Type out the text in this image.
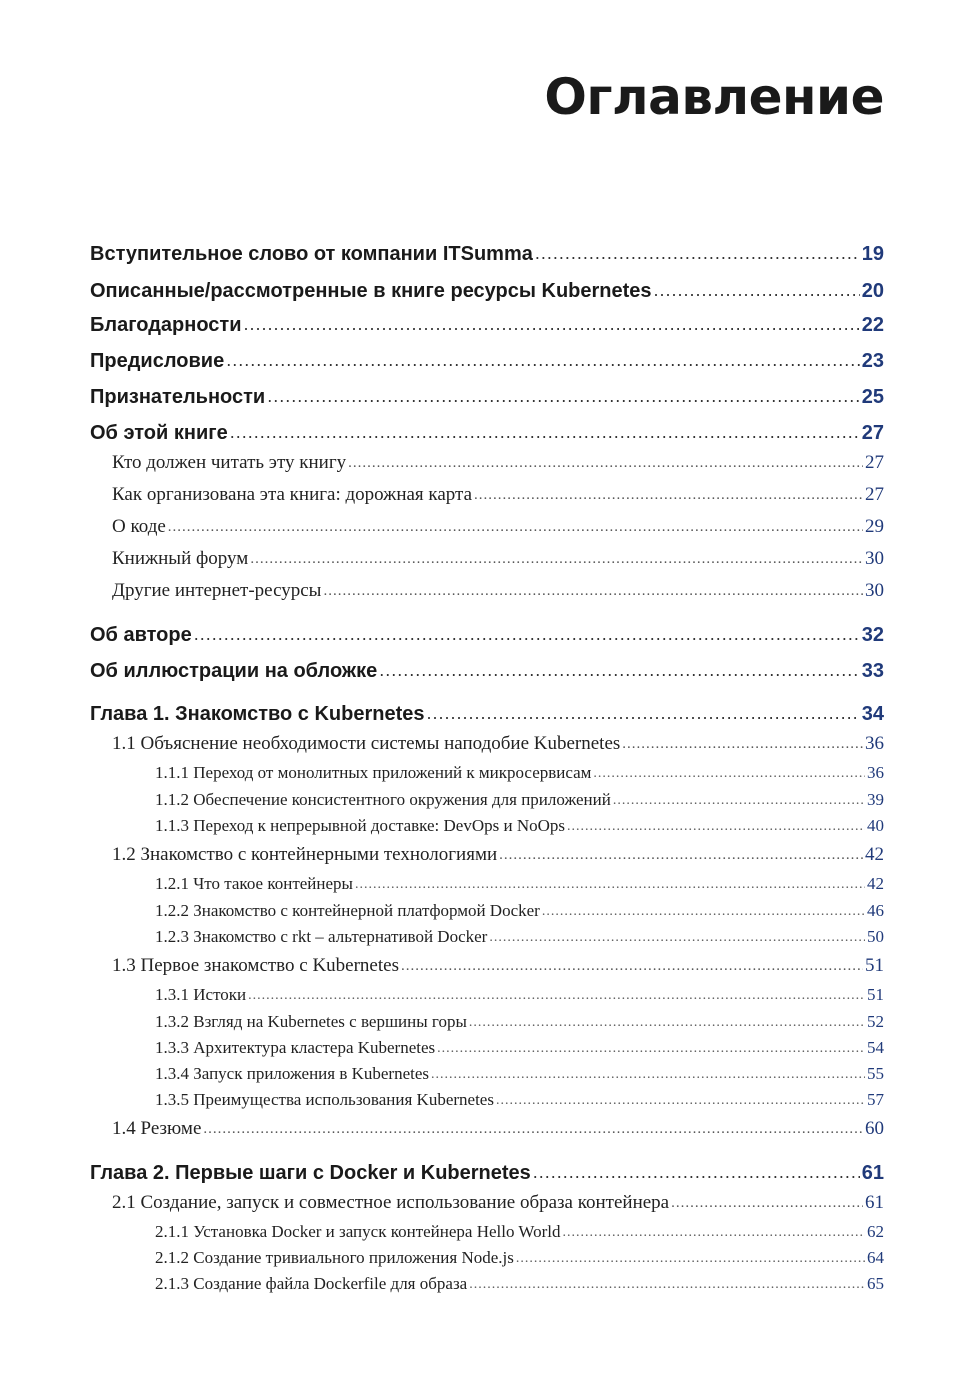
Оглавление
Вступительное слово от компании ITSumma .....	19
Описанные/рассмотренные в книге ресурсы Kubernetes .....	20
Благодарности .....	22
Предисловие .....	23
Признательности .....	25
Об этой книге .....	27
Кто должен читать эту книгу .....	27
Как организована эта книга: дорожная карта .....	27
О коде .....	29
Книжный форум .....	30
Другие интернет-ресурсы .....	30
Об авторе .....	32
Об иллюстрации на обложке .....	33
Глава 1. Знакомство с Kubernetes .....	34
1.1 Объяснение необходимости системы наподобие Kubernetes .....	36
1.1.1 Переход от монолитных приложений к микросервисам .....	36
1.1.2 Обеспечение консистентного окружения для приложений .....	39
1.1.3 Переход к непрерывной доставке: DevOps и NoOps .....	40
1.2 Знакомство с контейнерными технологиями .....	42
1.2.1 Что такое контейнеры .....	42
1.2.2 Знакомство с контейнерной платформой Docker .....	46
1.2.3 Знакомство с rkt – альтернативой Docker .....	50
1.3 Первое знакомство с Kubernetes .....	51
1.3.1 Истоки .....	51
1.3.2 Взгляд на Kubernetes с вершины горы .....	52
1.3.3 Архитектура кластера Kubernetes .....	54
1.3.4 Запуск приложения в Kubernetes .....	55
1.3.5 Преимущества использования Kubernetes .....	57
1.4 Резюме .....	60
Глава 2. Первые шаги с Docker и Kubernetes .....	61
2.1 Создание, запуск и совместное использование образа контейнера .....	61
2.1.1 Установка Docker и запуск контейнера Hello World .....	62
2.1.2 Создание тривиального приложения Node.js .....	64
2.1.3 Создание файла Dockerfile для образа .....	65
